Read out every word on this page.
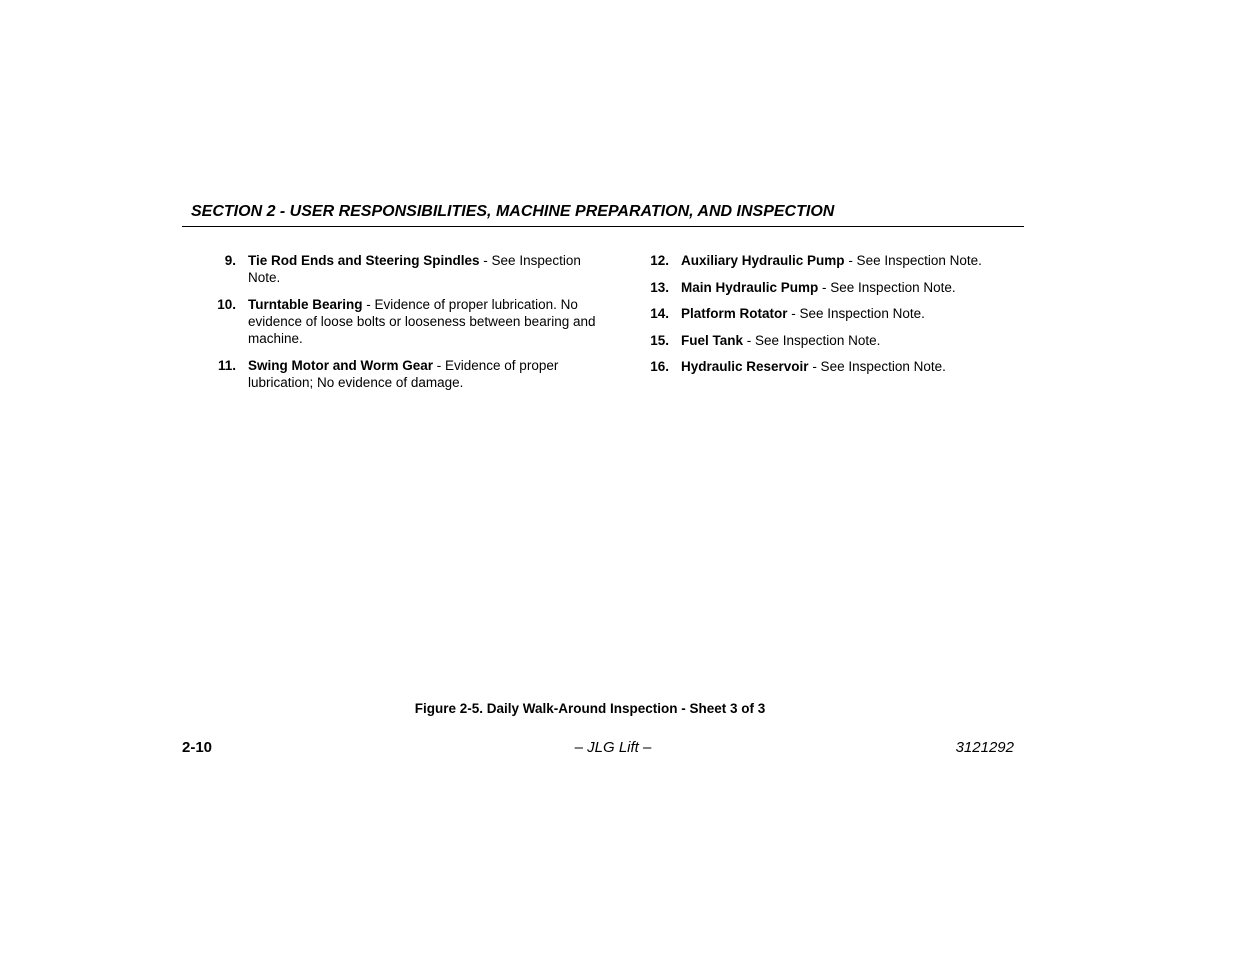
SECTION 2 - USER RESPONSIBILITIES, MACHINE PREPARATION, AND INSPECTION
9. Tie Rod Ends and Steering Spindles - See Inspection Note.
10. Turntable Bearing - Evidence of proper lubrication. No evidence of loose bolts or looseness between bearing and machine.
11. Swing Motor and Worm Gear - Evidence of proper lubrication; No evidence of damage.
12. Auxiliary Hydraulic Pump - See Inspection Note.
13. Main Hydraulic Pump - See Inspection Note.
14. Platform Rotator - See Inspection Note.
15. Fuel Tank - See Inspection Note.
16. Hydraulic Reservoir - See Inspection Note.

Figure 2-5. Daily Walk-Around Inspection - Sheet 3 of 3

2-10	– JLG Lift –	3121292
